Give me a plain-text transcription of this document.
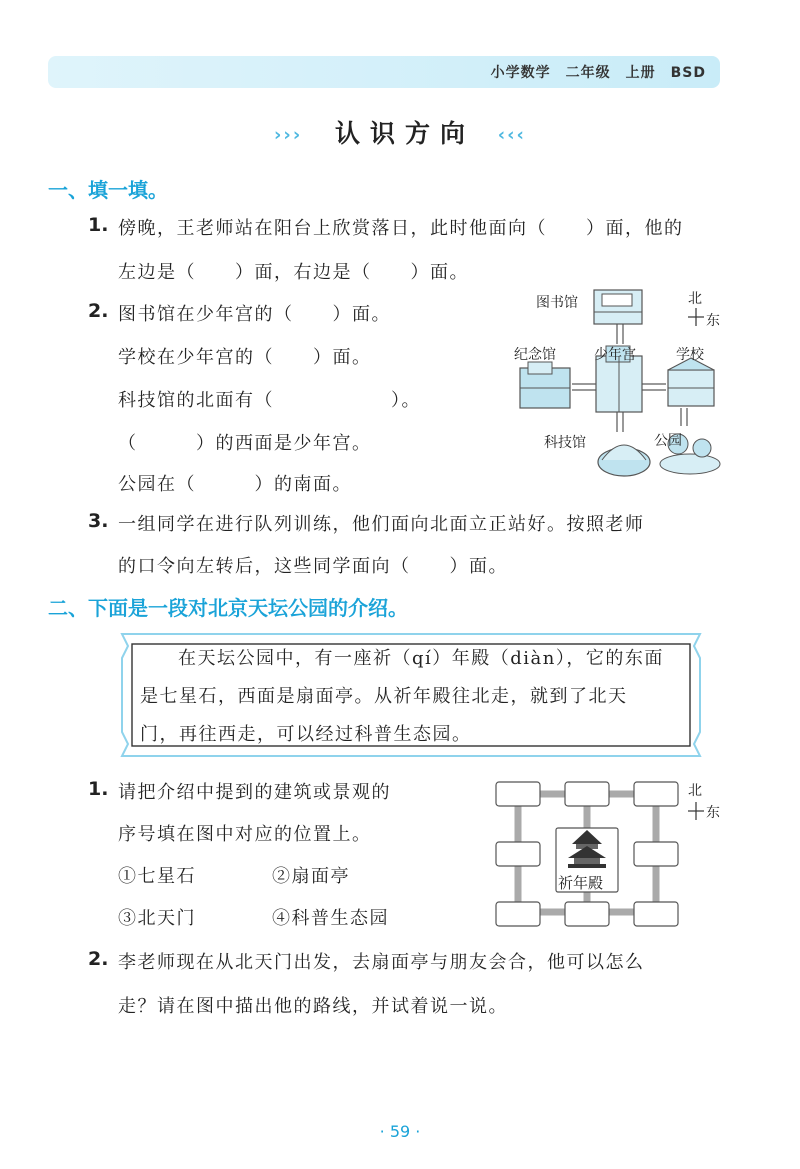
小学数学　二年级　上册　BSD
››› 认识方向 ‹‹‹
一、填一填。
1. 傍晚，王老师站在阳台上欣赏落日，此时他面向（　　）面，他的
左边是（　　）面，右边是（　　）面。
2. 图书馆在少年宫的（　　）面。
学校在少年宫的（　　）面。
科技馆的北面有（　　　　　　）。
（　　　）的西面是少年宫。
公园在（　　　）的南面。
图书馆
纪念馆	少年宫	学校
科技馆	公园
北
东
3. 一组同学在进行队列训练，他们面向北面立正站好。按照老师
的口令向左转后，这些同学面向（　　）面。
二、下面是一段对北京天坛公园的介绍。
在天坛公园中，有一座祈（qí）年殿（diàn），它的东面
是七星石，西面是扇面亭。从祈年殿往北走，就到了北天
门，再往西走，可以经过科普生态园。
1. 请把介绍中提到的建筑或景观的
序号填在图中对应的位置上。
①七星石	②扇面亭
③北天门	④科普生态园
祈年殿
北
东
2. 李老师现在从北天门出发，去扇面亭与朋友会合，他可以怎么
走？请在图中描出他的路线，并试着说一说。
· 59 ·
